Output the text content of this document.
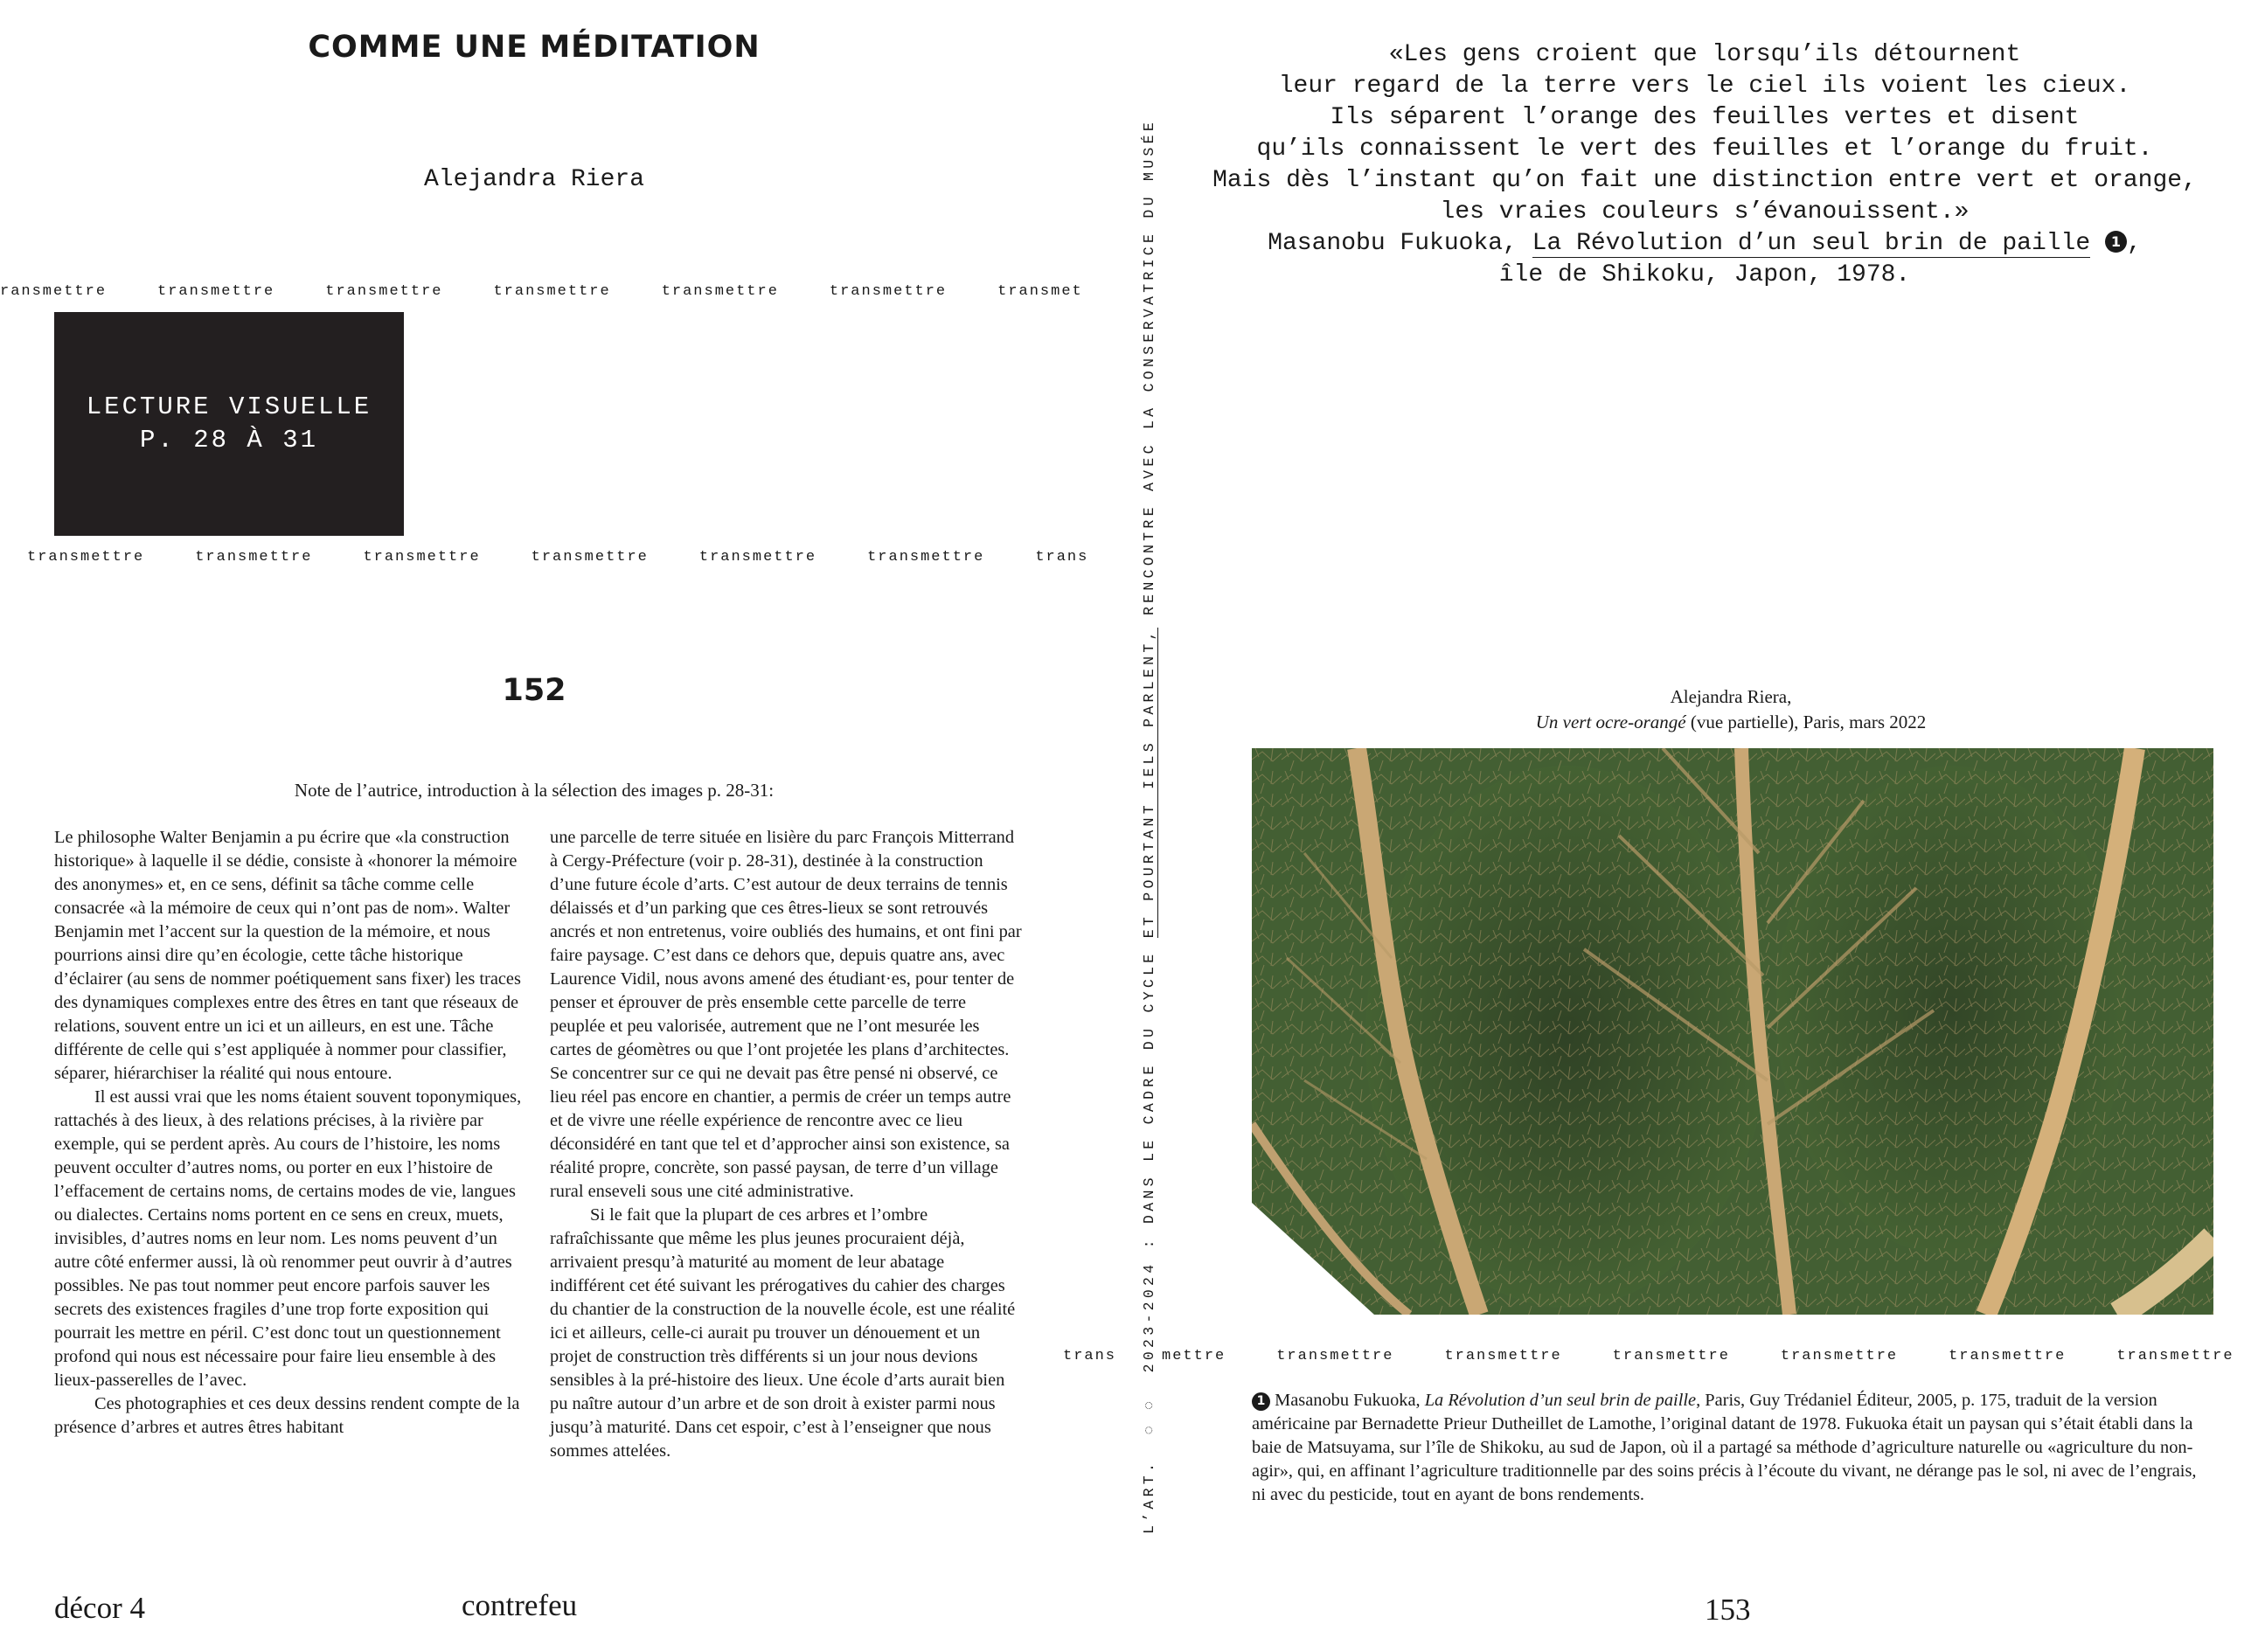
COMME UNE MÉDITATION
Alejandra Riera
ransmettre	transmettre	transmettre	transmettre	transmettre	transmettre	transmet
LECTURE VISUELLE
P. 28 À 31
transmettre	transmettre	transmettre	transmettre	transmettre	transmettre	trans
152
Note de l’autrice, introduction à la sélection des images p. 28-31:

Le philosophe Walter Benjamin a pu écrire que «la construction historique» à laquelle il se dédie, consiste à «honorer la mémoire des anonymes» et, en ce sens, définit sa tâche comme celle consacrée «à la mémoire de ceux qui n’ont pas de nom». Walter Benjamin met l’accent sur la question de la mémoire, et nous pourrions ainsi dire qu’en écologie, cette tâche historique d’éclairer (au sens de nommer poétiquement sans fixer) les traces des dynamiques complexes entre des êtres en tant que réseaux de relations, souvent entre un ici et un ailleurs, en est une. Tâche différente de celle qui s’est appliquée à nommer pour classifier, séparer, hiérarchiser la réalité qui nous entoure.

Il est aussi vrai que les noms étaient souvent toponymiques, rattachés à des lieux, à des relations précises, à la rivière par exemple, qui se perdent après. Au cours de l’histoire, les noms peuvent occulter d’autres noms, ou porter en eux l’histoire de l’effacement de certains noms, de certains modes de vie, langues ou dialectes. Certains noms portent en ce sens en creux, muets, invisibles, d’autres noms en leur nom. Les noms peuvent d’un autre côté enfermer aussi, là où renommer peut ouvrir à d’autres possibles. Ne pas tout nommer peut encore parfois sauver les secrets des existences fragiles d’une trop forte exposition qui pourrait les mettre en péril. C’est donc tout un questionnement profond qui nous est nécessaire pour faire lieu ensemble à des lieux-passerelles de l’avec.

Ces photographies et ces deux dessins rendent compte de la présence d’arbres et autres êtres habitant

une parcelle de terre située en lisière du parc François Mitterrand à Cergy-Préfecture (voir p. 28-31), destinée à la construction d’une future école d’arts. C’est autour de deux terrains de tennis délaissés et d’un parking que ces êtres-lieux se sont retrouvés ancrés et non entretenus, voire oubliés des humains, et ont fini par faire paysage. C’est dans ce dehors que, depuis quatre ans, avec Laurence Vidil, nous avons amené des étudiant·es, pour tenter de penser et éprouver de près ensemble cette parcelle de terre peuplée et peu valorisée, autrement que ne l’ont mesurée les cartes de géomètres ou que l’ont projetée les plans d’architectes. Se concentrer sur ce qui ne devait pas être pensé ni observé, ce lieu réel pas encore en chantier, a permis de créer un temps autre et de vivre une réelle expérience de rencontre avec ce lieu déconsidéré en tant que tel et d’approcher ainsi son existence, sa réalité propre, concrète, son passé paysan, de terre d’un village rural enseveli sous une cité administrative.

Si le fait que la plupart de ces arbres et l’ombre rafraîchissante que même les plus jeunes procuraient déjà, arrivaient presqu’à maturité au moment de leur abatage indifférent cet été suivant les prérogatives du cahier des charges du chantier de la construction de la nouvelle école, est une réalité ici et ailleurs, celle-ci aurait pu trouver un dénouement et un projet de construction très différents si un jour nous devions sensibles à la pré-histoire des lieux. Une école d’arts aurait bien pu naître autour d’un arbre et de son droit à exister parmi nous jusqu’à maturité. Dans cet espoir, c’est à l’enseigner que nous sommes attelées.

décor 4	contrefeu
L’ART.  ◌ ◌  2023-2024 : DANS LE CADRE DU CYCLE ET POURTANT IELS PARLENT, RENCONTRE AVEC LA CONSERVATRICE DU MUSÉE
«Les gens croient que lorsqu’ils détournent
leur regard de la terre vers le ciel ils voient les cieux.
Ils séparent l’orange des feuilles vertes et disent
qu’ils connaissent le vert des feuilles et l’orange du fruit.
Mais dès l’instant qu’on fait une distinction entre vert et orange,
les vraies couleurs s’évanouissent.»
Masanobu Fukuoka, La Révolution d’un seul brin de paille 1 ,
île de Shikoku, Japon, 1978.
Alejandra Riera,
Un vert ocre-orangé (vue partielle), Paris, mars 2022
trans	mettre	transmettre	transmettre	transmettre	transmettre	transmettre	transmettre
1 Masanobu Fukuoka, La Révolution d’un seul brin de paille, Paris, Guy Trédaniel Éditeur, 2005, p. 175, traduit de la version américaine par Bernadette Prieur Dutheillet de Lamothe, l’original datant de 1978. Fukuoka était un paysan qui s’était établi dans la baie de Matsuyama, sur l’île de Shikoku, au sud de Japon, où il a partagé sa méthode d’agriculture naturelle ou «agriculture du non-agir», qui, en affinant l’agriculture traditionnelle par des soins précis à l’écoute du vivant, ne dérange pas le sol, ni avec de l’engrais, ni avec du pesticide, tout en ayant de bons rendements.
153
